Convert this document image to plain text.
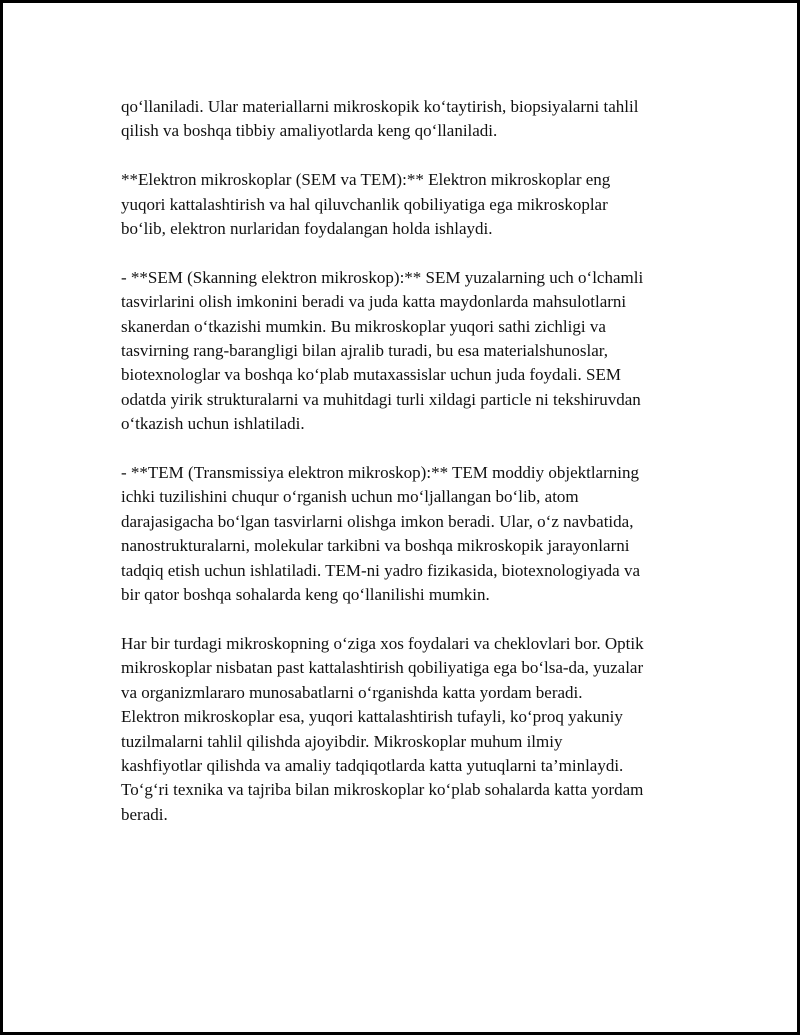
qo‘llaniladi. Ular materiallarni mikroskopik ko‘taytirish, biopsiyalarni tahlil
qilish va boshqa tibbiy amaliyotlarda keng qo‘llaniladi.

**Elektron mikroskoplar (SEM va TEM):** Elektron mikroskoplar eng
yuqori kattalashtirish va hal qiluvchanlik qobiliyatiga ega mikroskoplar
bo‘lib, elektron nurlaridan foydalangan holda ishlaydi.

- **SEM (Skanning elektron mikroskop):** SEM yuzalarning uch o‘lchamli
tasvirlarini olish imkonini beradi va juda katta maydonlarda mahsulotlarni
skanerdan o‘tkazishi mumkin. Bu mikroskoplar yuqori sathi zichligi va
tasvirning rang-barangligi bilan ajralib turadi, bu esa materialshunoslar,
biotexnologlar va boshqa ko‘plab mutaxassislar uchun juda foydali. SEM
odatda yirik strukturalarni va muhitdagi turli xildagi particle ni tekshiruvdan
o‘tkazish uchun ishlatiladi.

- **TEM (Transmissiya elektron mikroskop):** TEM moddiy objektlarning
ichki tuzilishini chuqur o‘rganish uchun mo‘ljallangan bo‘lib, atom
darajasigacha bo‘lgan tasvirlarni olishga imkon beradi. Ular, o‘z navbatida,
nanostrukturalarni, molekular tarkibni va boshqa mikroskopik jarayonlarni
tadqiq etish uchun ishlatiladi. TEM-ni yadro fizikasida, biotexnologiyada va
bir qator boshqa sohalarda keng qo‘llanilishi mumkin.

Har bir turdagi mikroskopning o‘ziga xos foydalari va cheklovlari bor. Optik
mikroskoplar nisbatan past kattalashtirish qobiliyatiga ega bo‘lsa-da, yuzalar
va organizmlararo munosabatlarni o‘rganishda katta yordam beradi.
Elektron mikroskoplar esa, yuqori kattalashtirish tufayli, ko‘proq yakuniy
tuzilmalarni tahlil qilishda ajoyibdir. Mikroskoplar muhum ilmiy
kashfiyotlar qilishda va amaliy tadqiqotlarda katta yutuqlarni ta’minlaydi.
To‘g‘ri texnika va tajriba bilan mikroskoplar ko‘plab sohalarda katta yordam
beradi.
